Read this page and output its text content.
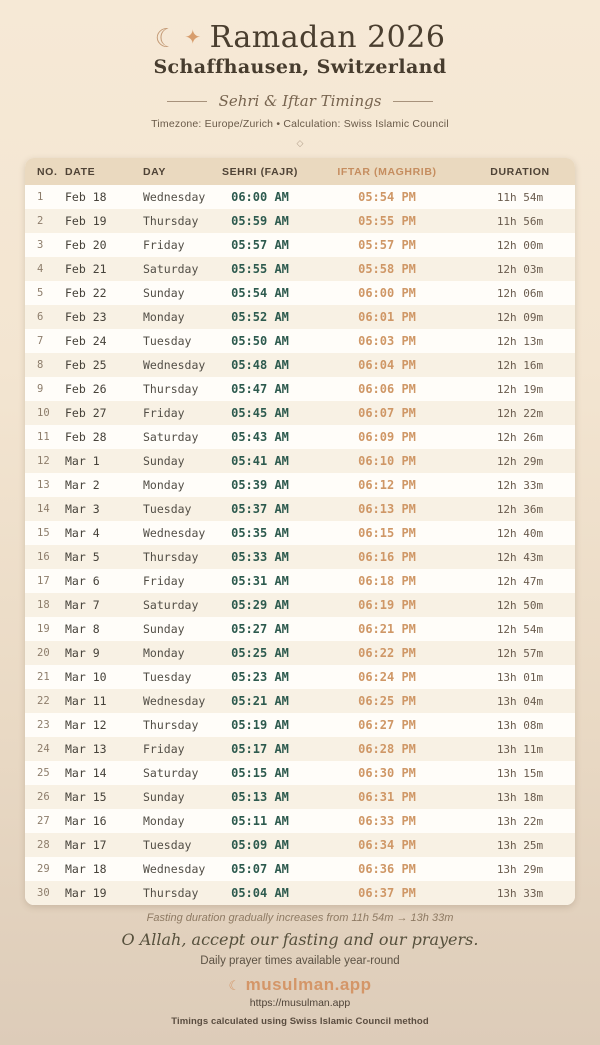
☾ ✦ Ramadan 2026
Schaffhausen, Switzerland
Sehri & Iftar Timings
Timezone: Europe/Zurich • Calculation: Swiss Islamic Council
◇
NO.	DATE	DAY	SEHRI (FAJR)	IFTAR (MAGHRIB)	DURATION
1	Feb 18	Wednesday	06:00 AM	05:54 PM	11h 54m
2	Feb 19	Thursday	05:59 AM	05:55 PM	11h 56m
3	Feb 20	Friday	05:57 AM	05:57 PM	12h 00m
4	Feb 21	Saturday	05:55 AM	05:58 PM	12h 03m
5	Feb 22	Sunday	05:54 AM	06:00 PM	12h 06m
6	Feb 23	Monday	05:52 AM	06:01 PM	12h 09m
7	Feb 24	Tuesday	05:50 AM	06:03 PM	12h 13m
8	Feb 25	Wednesday	05:48 AM	06:04 PM	12h 16m
9	Feb 26	Thursday	05:47 AM	06:06 PM	12h 19m
10	Feb 27	Friday	05:45 AM	06:07 PM	12h 22m
11	Feb 28	Saturday	05:43 AM	06:09 PM	12h 26m
12	Mar 1	Sunday	05:41 AM	06:10 PM	12h 29m
13	Mar 2	Monday	05:39 AM	06:12 PM	12h 33m
14	Mar 3	Tuesday	05:37 AM	06:13 PM	12h 36m
15	Mar 4	Wednesday	05:35 AM	06:15 PM	12h 40m
16	Mar 5	Thursday	05:33 AM	06:16 PM	12h 43m
17	Mar 6	Friday	05:31 AM	06:18 PM	12h 47m
18	Mar 7	Saturday	05:29 AM	06:19 PM	12h 50m
19	Mar 8	Sunday	05:27 AM	06:21 PM	12h 54m
20	Mar 9	Monday	05:25 AM	06:22 PM	12h 57m
21	Mar 10	Tuesday	05:23 AM	06:24 PM	13h 01m
22	Mar 11	Wednesday	05:21 AM	06:25 PM	13h 04m
23	Mar 12	Thursday	05:19 AM	06:27 PM	13h 08m
24	Mar 13	Friday	05:17 AM	06:28 PM	13h 11m
25	Mar 14	Saturday	05:15 AM	06:30 PM	13h 15m
26	Mar 15	Sunday	05:13 AM	06:31 PM	13h 18m
27	Mar 16	Monday	05:11 AM	06:33 PM	13h 22m
28	Mar 17	Tuesday	05:09 AM	06:34 PM	13h 25m
29	Mar 18	Wednesday	05:07 AM	06:36 PM	13h 29m
30	Mar 19	Thursday	05:04 AM	06:37 PM	13h 33m
Fasting duration gradually increases from 11h 54m → 13h 33m
O Allah, accept our fasting and our prayers.
Daily prayer times available year-round
☾ musulman.app
https://musulman.app
Timings calculated using Swiss Islamic Council method
